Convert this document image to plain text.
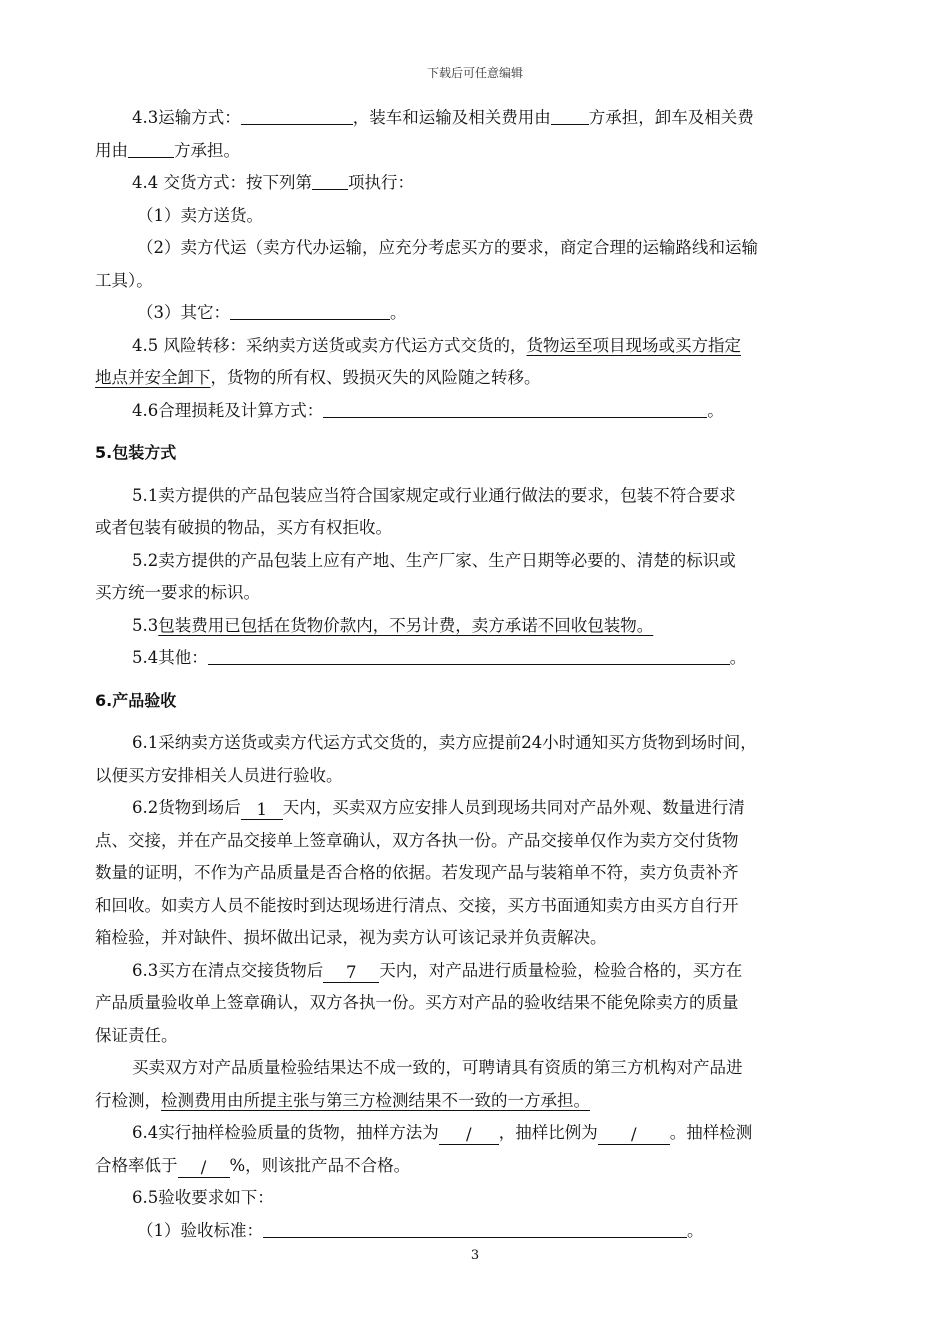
下载后可任意编辑

4.3运输方式：	，装车和运输及相关费用由 方承担，卸车及相关费

用由	方承担。

4.4 交货方式：按下列第 项执行：

（1）卖方送货。

（2）卖方代运（卖方代办运输，应充分考虑买方的要求，商定合理的运输路线和运输

工具）。

（3）其它：	。

4.5 风险转移：采纳卖方送货或卖方代运方式交货的，货物运至项目现场或买方指定

地点并安全卸下，货物的所有权、毁损灭失的风险随之转移。

4.6合理损耗及计算方式：	。

5.包装方式

5.1卖方提供的产品包装应当符合国家规定或行业通行做法的要求，包装不符合要求

或者包装有破损的物品，买方有权拒收。

5.2卖方提供的产品包装上应有产地、生产厂家、生产日期等必要的、清楚的标识或

买方统一要求的标识。

5.3包装费用已包括在货物价款内，不另计费，卖方承诺不回收包装物。

5.4其他：	。

6.产品验收

6.1采纳卖方送货或卖方代运方式交货的，卖方应提前24小时通知买方货物到场时间，

以便买方安排相关人员进行验收。

6.2货物到场后 1 天内，买卖双方应安排人员到现场共同对产品外观、数量进行清

点、交接，并在产品交接单上签章确认，双方各执一份。产品交接单仅作为卖方交付货物

数量的证明，不作为产品质量是否合格的依据。若发现产品与装箱单不符，卖方负责补齐

和回收。如卖方人员不能按时到达现场进行清点、交接，买方书面通知卖方由买方自行开

箱检验，并对缺件、损坏做出记录，视为卖方认可该记录并负责解决。

6.3买方在清点交接货物后 7 天内，对产品进行质量检验，检验合格的，买方在

产品质量验收单上签章确认，双方各执一份。买方对产品的验收结果不能免除卖方的质量

保证责任。

买卖双方对产品质量检验结果达不成一致的，可聘请具有资质的第三方机构对产品进

行检测，检测费用由所提主张与第三方检测结果不一致的一方承担。

6.4实行抽样检验质量的货物，抽样方法为 / ，抽样比例为 / 。抽样检测

合格率低于 / %，则该批产品不合格。

6.5验收要求如下：

（1）验收标准：	。

3
